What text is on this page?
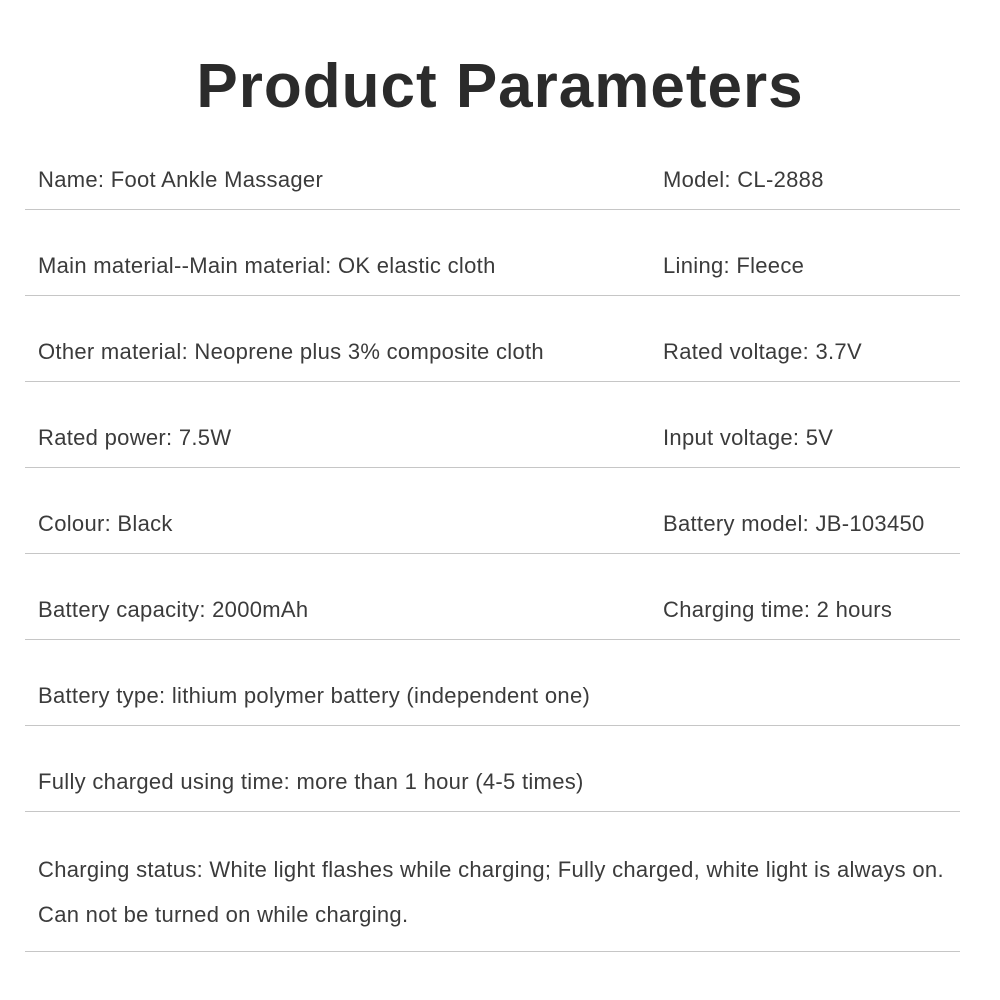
Product Parameters
Name: Foot Ankle Massager	Model: CL-2888
Main material--Main material: OK elastic cloth	Lining: Fleece
Other material: Neoprene plus 3% composite cloth	Rated voltage: 3.7V
Rated power: 7.5W	Input voltage: 5V
Colour: Black	Battery model: JB-103450
Battery capacity: 2000mAh	Charging time: 2 hours
Battery type: lithium polymer battery (independent one)
Fully charged using time: more than 1 hour (4-5 times)
Charging status: White light flashes while charging; Fully charged, white light is always on. Can not be turned on while charging.
